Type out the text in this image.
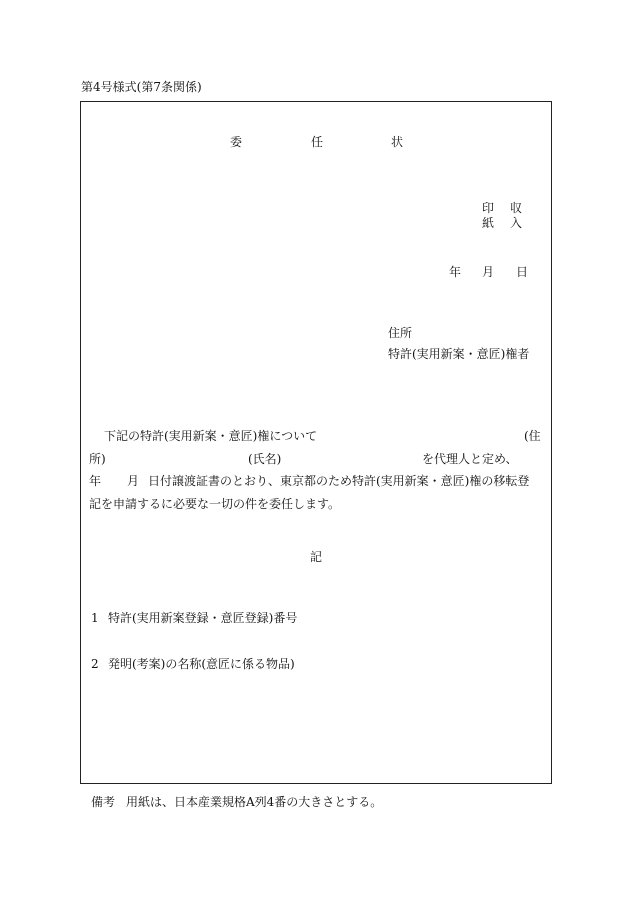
第4号様式(第7条関係)
委	任	状
印 収
紙 入
年 月 日
住所
特許(実用新案・意匠)権者
下記の特許(実用新案・意匠)権について	(住
所)	(氏名)	を代理人と定め、
年 月 日付譲渡証書のとおり、東京都のため特許(実用新案・意匠)権の移転登
記を申請するに必要な一切の件を委任します。
記
1 特許(実用新案登録・意匠登録)番号
2 発明(考案)の名称(意匠に係る物品)
備考 用紙は、日本産業規格A列4番の大きさとする。
